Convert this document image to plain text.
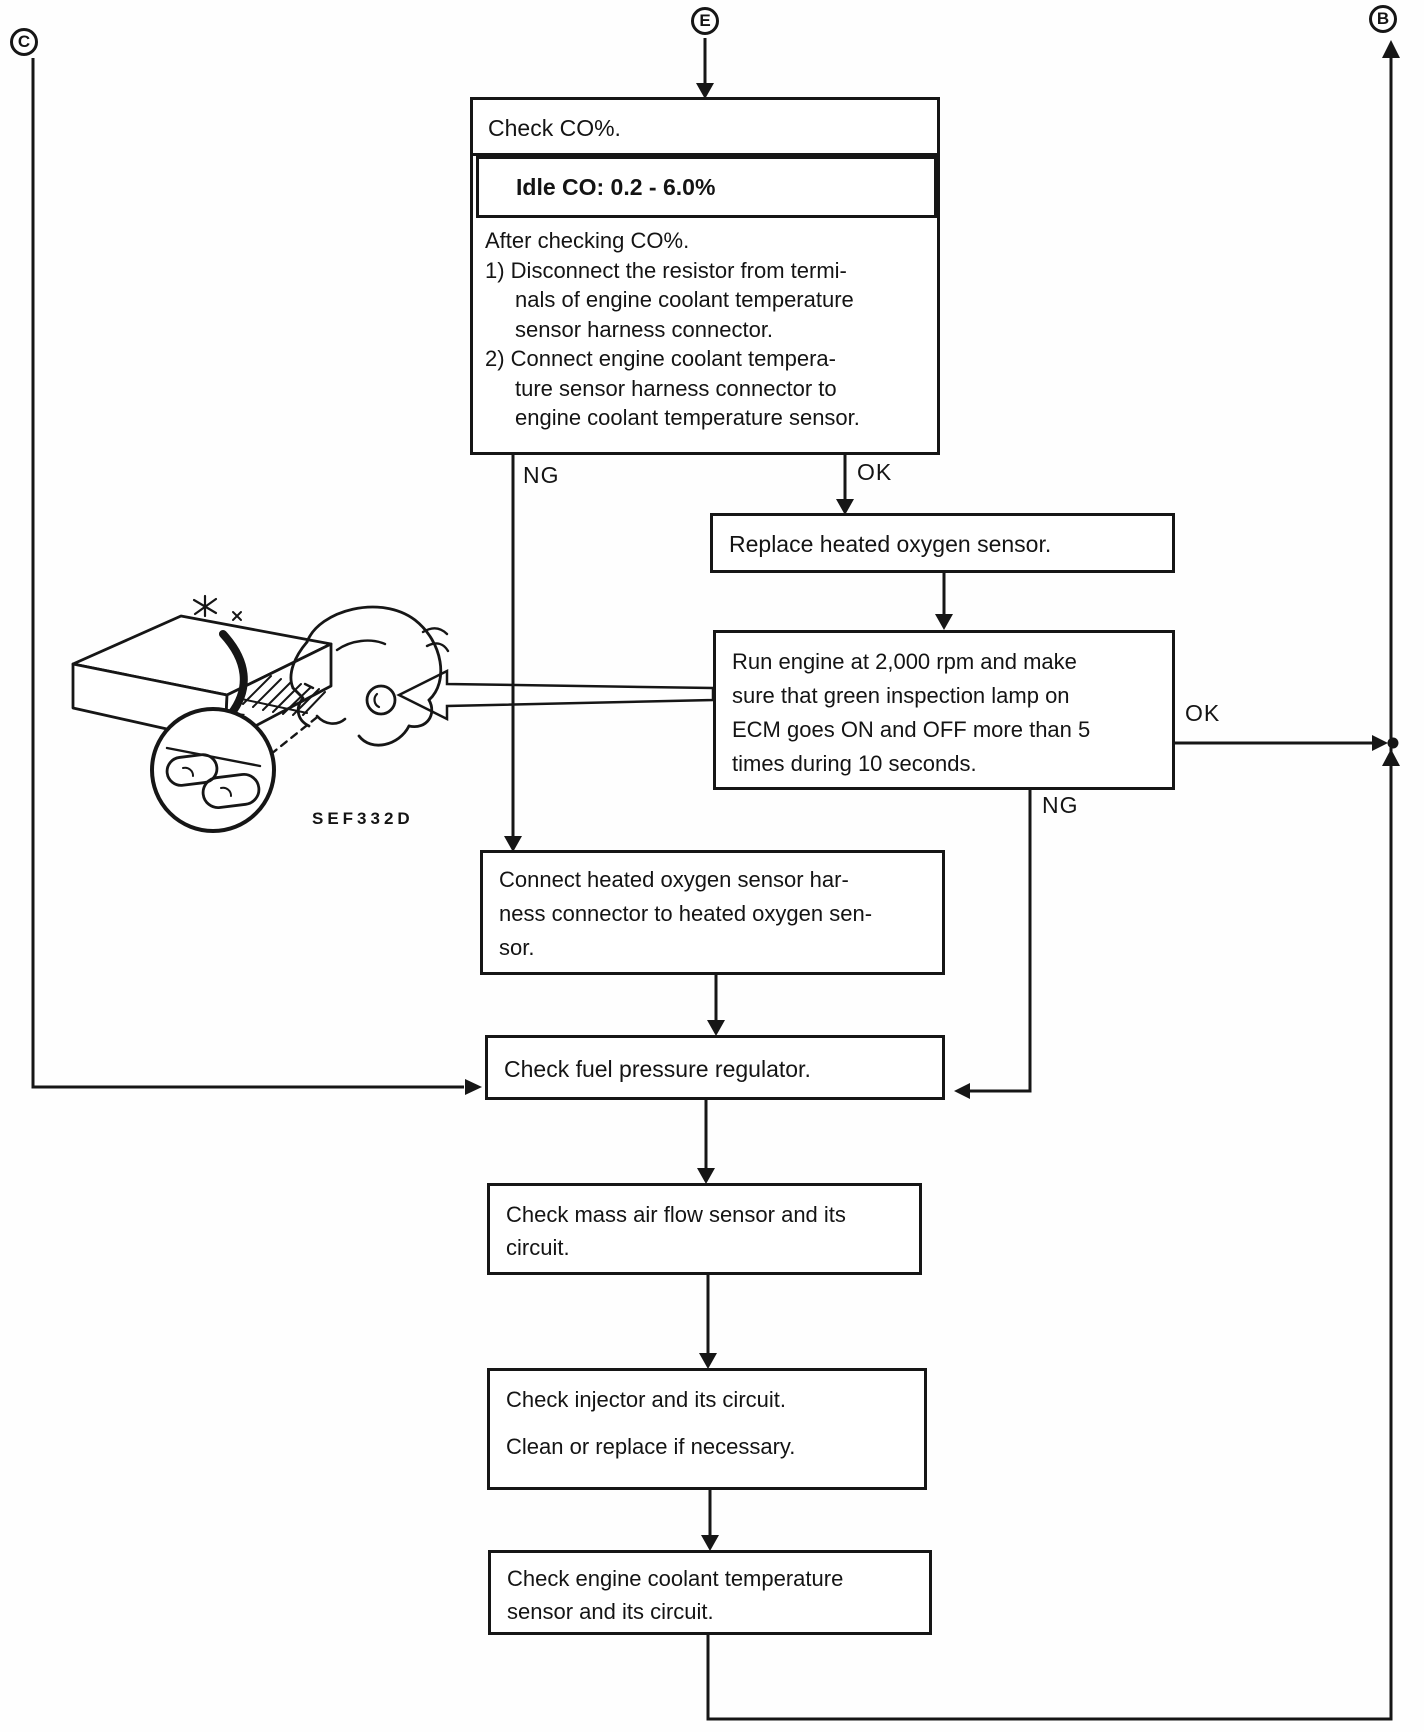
C
E	B
Check CO%.
Idle CO: 0.2 - 6.0%
After checking CO%.
1) Disconnect the resistor from termi-
nals of engine coolant temperature
sensor harness connector.
2) Connect engine coolant tempera-
ture sensor harness connector to
engine coolant temperature sensor.
NG	OK
OK
NG
Replace heated oxygen sensor.
Run engine at 2,000 rpm and make
sure that green inspection lamp on
ECM goes ON and OFF more than 5
times during 10 seconds.
SEF332D
Connect heated oxygen sensor har-
ness connector to heated oxygen sen-
sor.
Check fuel pressure regulator.
Check mass air flow sensor and its
circuit.
Check injector and its circuit.
Clean or replace if necessary.
Check engine coolant temperature
sensor and its circuit.
